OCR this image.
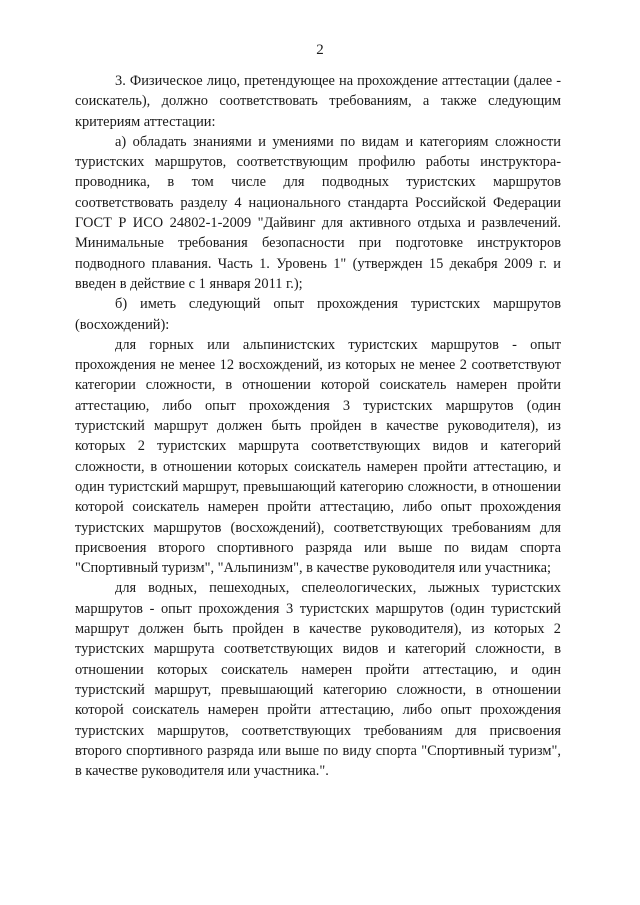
2

3. Физическое лицо, претендующее на прохождение аттестации (далее - соискатель), должно соответствовать требованиям, а также следующим критериям аттестации:

а) обладать знаниями и умениями по видам и категориям сложности туристских маршрутов, соответствующим профилю работы инструктора-проводника, в том числе для подводных туристских маршрутов соответствовать разделу 4 национального стандарта Российской Федерации ГОСТ Р ИСО 24802-1-2009 "Дайвинг для активного отдыха и развлечений. Минимальные требования безопасности при подготовке инструкторов подводного плавания. Часть 1. Уровень 1" (утвержден 15 декабря 2009 г. и введен в действие с 1 января 2011 г.);

б) иметь следующий опыт прохождения туристских маршрутов (восхождений):

для горных или альпинистских туристских маршрутов - опыт прохождения не менее 12 восхождений, из которых не менее 2 соответствуют категории сложности, в отношении которой соискатель намерен пройти аттестацию, либо опыт прохождения 3 туристских маршрутов (один туристский маршрут должен быть пройден в качестве руководителя), из которых 2 туристских маршрута соответствующих видов и категорий сложности, в отношении которых соискатель намерен пройти аттестацию, и один туристский маршрут, превышающий категорию сложности, в отношении которой соискатель намерен пройти аттестацию, либо опыт прохождения туристских маршрутов (восхождений), соответствующих требованиям для присвоения второго спортивного разряда или выше по видам спорта "Спортивный туризм", "Альпинизм", в качестве руководителя или участника;

для водных, пешеходных, спелеологических, лыжных туристских маршрутов - опыт прохождения 3 туристских маршрутов (один туристский маршрут должен быть пройден в качестве руководителя), из которых 2 туристских маршрута соответствующих видов и категорий сложности, в отношении которых соискатель намерен пройти аттестацию, и один туристский маршрут, превышающий категорию сложности, в отношении которой соискатель намерен пройти аттестацию, либо опыт прохождения туристских маршрутов, соответствующих требованиям для присвоения второго спортивного разряда или выше по виду спорта "Спортивный туризм", в качестве руководителя или участника.".
